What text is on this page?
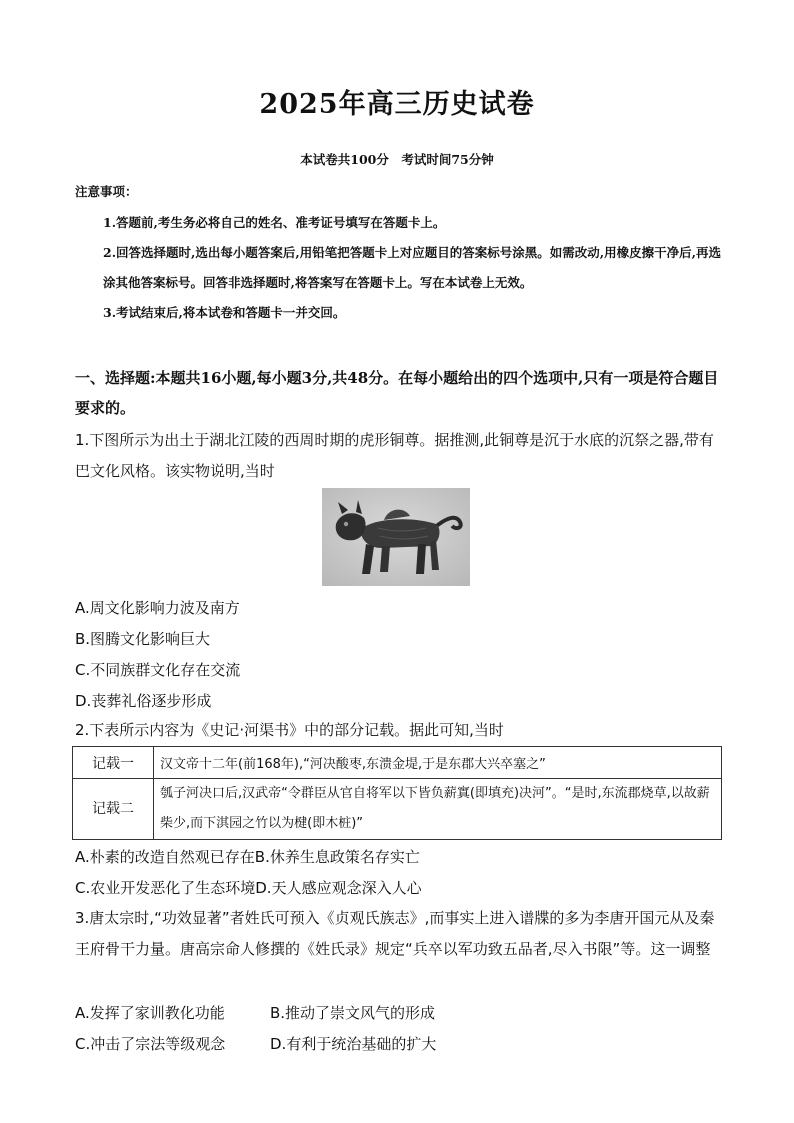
2025年高三历史试卷
本试卷共100分　考试时间75分钟
注意事项：
1.答题前,考生务必将自己的姓名、准考证号填写在答题卡上。
2.回答选择题时,选出每小题答案后,用铅笔把答题卡上对应题目的答案标号涂黑。如需改动,用橡皮擦干净后,再选涂其他答案标号。回答非选择题时,将答案写在答题卡上。写在本试卷上无效。
3.考试结束后,将本试卷和答题卡一并交回。
一、选择题:本题共16小题,每小题3分,共48分。在每小题给出的四个选项中,只有一项是符合题目要求的。
1.下图所示为出土于湖北江陵的西周时期的虎形铜尊。据推测,此铜尊是沉于水底的沉祭之器,带有巴文化风格。该实物说明,当时
A.周文化影响力波及南方
B.图腾文化影响巨大
C.不同族群文化存在交流
D.丧葬礼俗逐步形成
2.下表所示内容为《史记·河渠书》中的部分记载。据此可知,当时
记载一	汉文帝十二年(前168年),“河决酸枣,东溃金堤,于是东郡大兴卒塞之”
记载二	瓠子河决口后,汉武帝“令群臣从官自将军以下皆负薪窴(即填充)决河”。“是时,东流郡烧草,以故薪柴少,而下淇园之竹以为楗(即木桩)”
A.朴素的改造自然观已存在B.休养生息政策名存实亡
C.农业开发恶化了生态环境D.天人感应观念深入人心
3.唐太宗时,“功效显著”者姓氏可预入《贞观氏族志》,而事实上进入谱牒的多为李唐开国元从及秦王府骨干力量。唐高宗命人修撰的《姓氏录》规定“兵卒以军功致五品者,尽入书限”等。这一调整
A.发挥了家训教化功能	B.推动了崇文风气的形成
C.冲击了宗法等级观念	D.有利于统治基础的扩大
